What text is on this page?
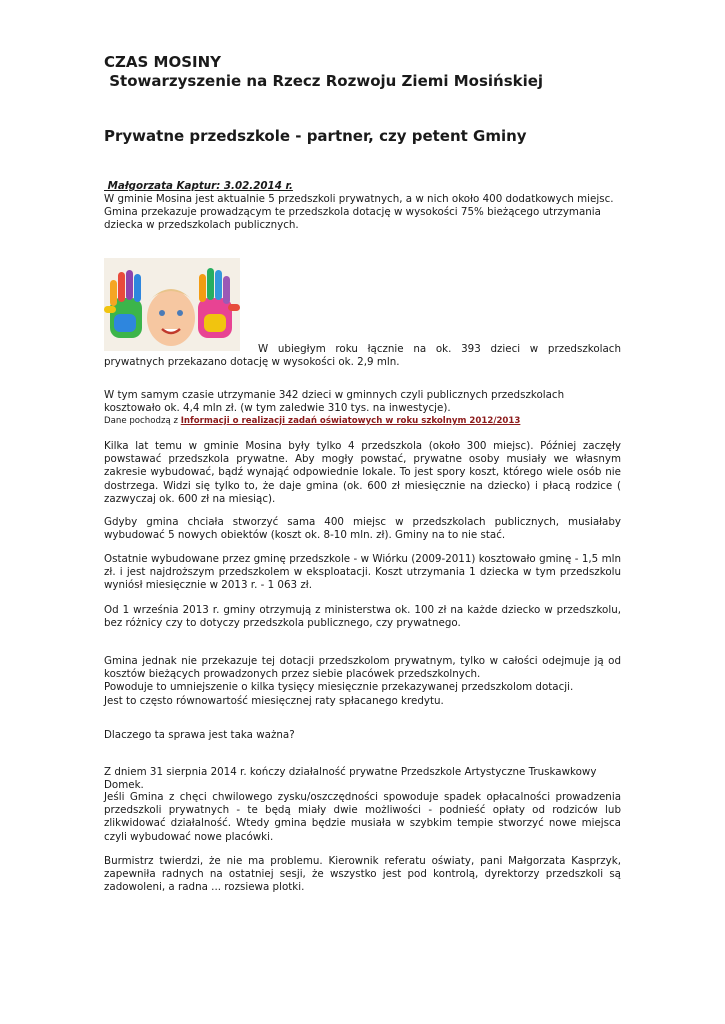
CZAS MOSINY
Stowarzyszenie na Rzecz Rozwoju Ziemi Mosińskiej
Prywatne przedszkole - partner, czy petent Gminy
Małgorzata Kaptur: 3.02.2014 r.

W gminie Mosina jest aktualnie 5 przedszkoli prywatnych, a w nich około 400 dodatkowych miejsc. Gmina przekazuje prowadzącym te przedszkola dotację w wysokości 75% bieżącego utrzymania dziecka w przedszkolach publicznych.

W ubiegłym roku łącznie na ok. 393 dzieci w przedszkolach prywatnych przekazano dotację w wysokości ok. 2,9 mln.

W tym samym czasie utrzymanie 342 dzieci w gminnych czyli publicznych przedszkolach kosztowało ok. 4,4 mln zł. (w tym zaledwie 310 tys. na inwestycje).

Dane pochodzą z Informacji o realizacji zadań oświatowych w roku szkolnym 2012/2013

Kilka lat temu w gminie Mosina były tylko 4 przedszkola (około 300 miejsc). Później zaczęły powstawać przedszkola prywatne. Aby mogły powstać, prywatne osoby musiały we własnym zakresie wybudować, bądź wynająć odpowiednie lokale. To jest spory koszt, którego wiele osób nie dostrzega. Widzi się tylko to, że daje gmina (ok. 600 zł miesięcznie na dziecko) i płacą rodzice ( zazwyczaj ok. 600 zł na miesiąc).

Gdyby gmina chciała stworzyć sama 400 miejsc w przedszkolach publicznych, musiałaby wybudować 5 nowych obiektów (koszt ok. 8-10 mln. zł). Gminy na to nie stać.

Ostatnie wybudowane przez gminę przedszkole - w Wiórku (2009-2011) kosztowało gminę - 1,5 mln zł. i jest najdroższym przedszkolem w eksploatacji. Koszt utrzymania 1 dziecka w tym przedszkolu wyniósł miesięcznie w 2013 r. - 1 063 zł.

Od 1 września 2013 r. gminy otrzymują z ministerstwa ok. 100 zł na każde dziecko w przedszkolu, bez różnicy czy to dotyczy przedszkola publicznego, czy prywatnego.

Gmina jednak nie przekazuje tej dotacji przedszkolom prywatnym, tylko w całości odejmuje ją od kosztów bieżących prowadzonych przez siebie placówek przedszkolnych.
Powoduje to umniejszenie o kilka tysięcy miesięcznie przekazywanej przedszkolom dotacji.
Jest to często równowartość miesięcznej raty spłacanego kredytu.

Dlaczego ta sprawa jest taka ważna?

Z dniem 31 sierpnia 2014 r. kończy działalność prywatne Przedszkole Artystyczne Truskawkowy Domek.

Jeśli Gmina z chęci chwilowego zysku/oszczędności spowoduje spadek opłacalności prowadzenia przedszkoli prywatnych - te będą miały dwie możliwości - podnieść opłaty od rodziców lub zlikwidować działalność. Wtedy gmina będzie musiała w szybkim tempie stworzyć nowe miejsca czyli wybudować nowe placówki.

Burmistrz twierdzi, że nie ma problemu. Kierownik referatu oświaty, pani Małgorzata Kasprzyk, zapewniła radnych na ostatniej sesji, że wszystko jest pod kontrolą, dyrektorzy przedszkoli są zadowoleni, a radna ... rozsiewa plotki.
